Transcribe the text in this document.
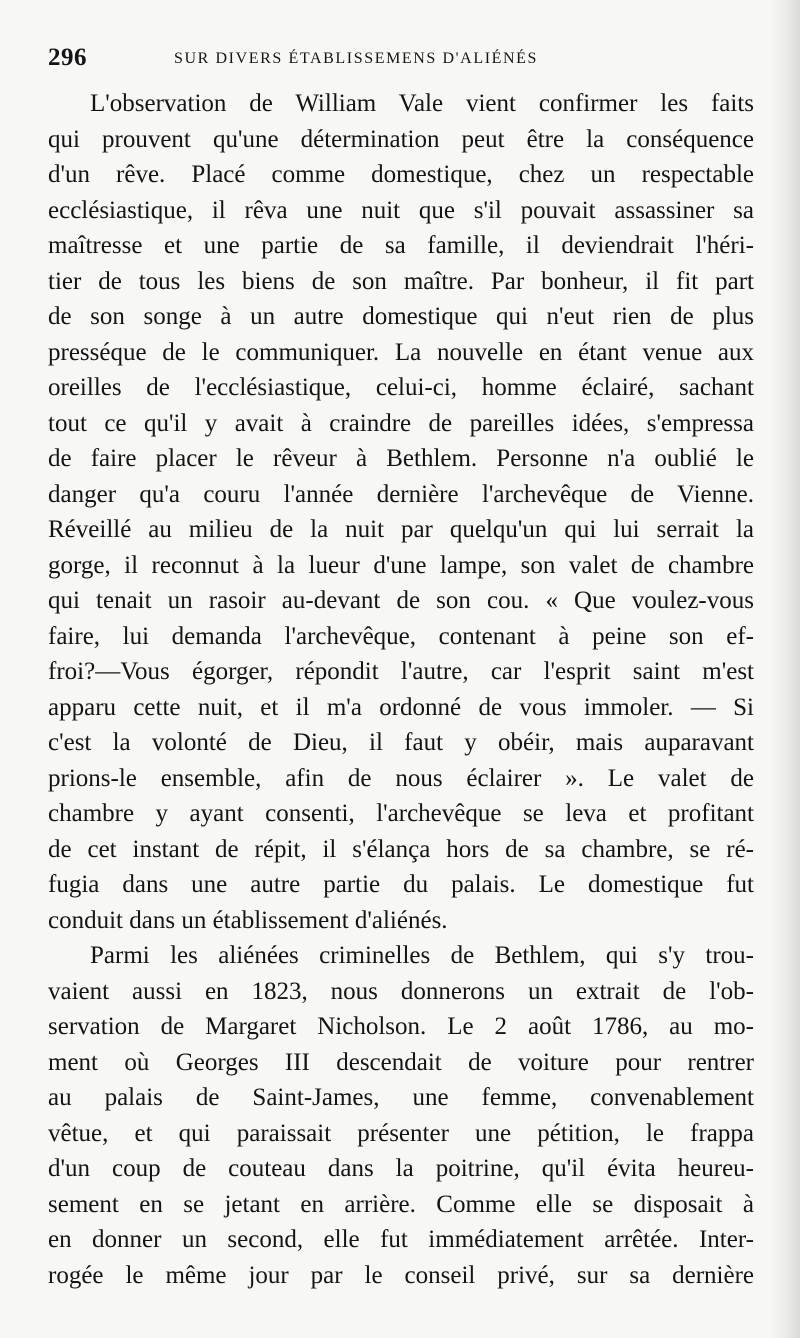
296	SUR DIVERS ÉTABLISSEMENS D'ALIÉNÉS
L'observation de William Vale vient confirmer les faits
qui prouvent qu'une détermination peut être la conséquence
d'un rêve. Placé comme domestique, chez un respectable
ecclésiastique, il rêva une nuit que s'il pouvait assassiner sa
maîtresse et une partie de sa famille, il deviendrait l'héri-
tier de tous les biens de son maître. Par bonheur, il fit part
de son songe à un autre domestique qui n'eut rien de plus
presséque de le communiquer. La nouvelle en étant venue aux
oreilles de l'ecclésiastique, celui-ci, homme éclairé, sachant
tout ce qu'il y avait à craindre de pareilles idées, s'empressa
de faire placer le rêveur à Bethlem. Personne n'a oublié le
danger qu'a couru l'année dernière l'archevêque de Vienne.
Réveillé au milieu de la nuit par quelqu'un qui lui serrait la
gorge, il reconnut à la lueur d'une lampe, son valet de chambre
qui tenait un rasoir au-devant de son cou. « Que voulez-vous
faire, lui demanda l'archevêque, contenant à peine son ef-
froi?—Vous égorger, répondit l'autre, car l'esprit saint m'est
apparu cette nuit, et il m'a ordonné de vous immoler. — Si
c'est la volonté de Dieu, il faut y obéir, mais auparavant
prions-le ensemble, afin de nous éclairer ». Le valet de
chambre y ayant consenti, l'archevêque se leva et profitant
de cet instant de répit, il s'élança hors de sa chambre, se ré-
fugia dans une autre partie du palais. Le domestique fut
conduit dans un établissement d'aliénés.
Parmi les aliénées criminelles de Bethlem, qui s'y trou-
vaient aussi en 1823, nous donnerons un extrait de l'ob-
servation de Margaret Nicholson. Le 2 août 1786, au mo-
ment où Georges III descendait de voiture pour rentrer
au palais de Saint-James, une femme, convenablement
vêtue, et qui paraissait présenter une pétition, le frappa
d'un coup de couteau dans la poitrine, qu'il évita heureu-
sement en se jetant en arrière. Comme elle se disposait à
en donner un second, elle fut immédiatement arrêtée. Inter-
rogée le même jour par le conseil privé, sur sa dernière
